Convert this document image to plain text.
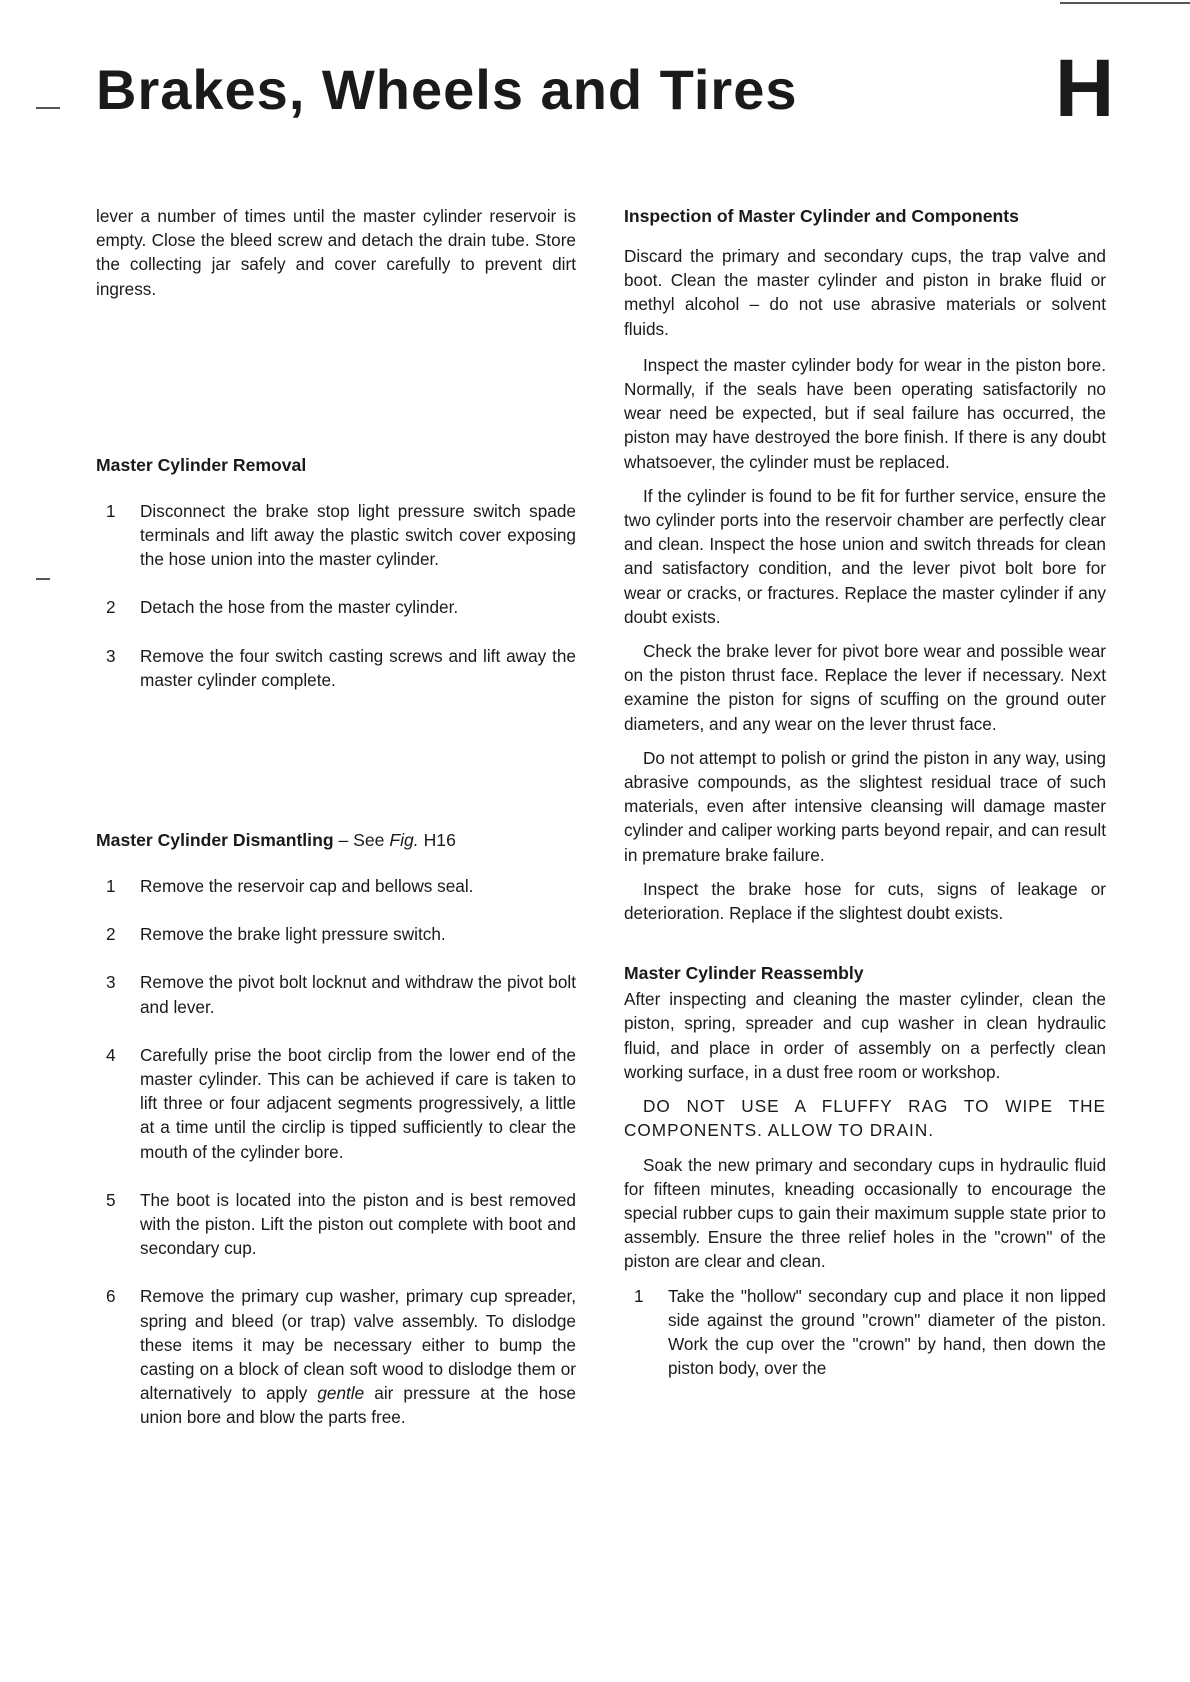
Brakes, Wheels and Tires	H

lever a number of times until the master cylinder reservoir is empty. Close the bleed screw and detach the drain tube. Store the collecting jar safely and cover carefully to prevent dirt ingress.

Master Cylinder Removal
1 Disconnect the brake stop light pressure switch spade terminals and lift away the plastic switch cover exposing the hose union into the master cylinder.
2 Detach the hose from the master cylinder.
3 Remove the four switch casting screws and lift away the master cylinder complete.
Master Cylinder Dismantling – See Fig. H16
1 Remove the reservoir cap and bellows seal.
2 Remove the brake light pressure switch.
3 Remove the pivot bolt locknut and withdraw the pivot bolt and lever.
4 Carefully prise the boot circlip from the lower end of the master cylinder. This can be achieved if care is taken to lift three or four adjacent segments progressively, a little at a time until the circlip is tipped sufficiently to clear the mouth of the cylinder bore.
5 The boot is located into the piston and is best removed with the piston. Lift the piston out complete with boot and secondary cup.
6 Remove the primary cup washer, primary cup spreader, spring and bleed (or trap) valve assembly. To dislodge these items it may be necessary either to bump the casting on a block of clean soft wood to dislodge them or alternatively to apply gentle air pressure at the hose union bore and blow the parts free.
Inspection of Master Cylinder and Components

Discard the primary and secondary cups, the trap valve and boot. Clean the master cylinder and piston in brake fluid or methyl alcohol – do not use abrasive materials or solvent fluids.

Inspect the master cylinder body for wear in the piston bore. Normally, if the seals have been operating satisfactorily no wear need be expected, but if seal failure has occurred, the piston may have destroyed the bore finish. If there is any doubt whatsoever, the cylinder must be replaced.

If the cylinder is found to be fit for further service, ensure the two cylinder ports into the reservoir chamber are perfectly clear and clean. Inspect the hose union and switch threads for clean and satisfactory condition, and the lever pivot bolt bore for wear or cracks, or fractures. Replace the master cylinder if any doubt exists.

Check the brake lever for pivot bore wear and possible wear on the piston thrust face. Replace the lever if necessary. Next examine the piston for signs of scuffing on the ground outer diameters, and any wear on the lever thrust face.

Do not attempt to polish or grind the piston in any way, using abrasive compounds, as the slightest residual trace of such materials, even after intensive cleansing will damage master cylinder and caliper working parts beyond repair, and can result in premature brake failure.

Inspect the brake hose for cuts, signs of leakage or deterioration. Replace if the slightest doubt exists.

Master Cylinder Reassembly

After inspecting and cleaning the master cylinder, clean the piston, spring, spreader and cup washer in clean hydraulic fluid, and place in order of assembly on a perfectly clean working surface, in a dust free room or workshop.

DO NOT USE A FLUFFY RAG TO WIPE THE COMPONENTS. ALLOW TO DRAIN.

Soak the new primary and secondary cups in hydraulic fluid for fifteen minutes, kneading occasionally to encourage the special rubber cups to gain their maximum supple state prior to assembly. Ensure the three relief holes in the "crown" of the piston are clear and clean.

1 Take the "hollow" secondary cup and place it non lipped side against the ground "crown" diameter of the piston. Work the cup over the "crown" by hand, then down the piston body, over the
